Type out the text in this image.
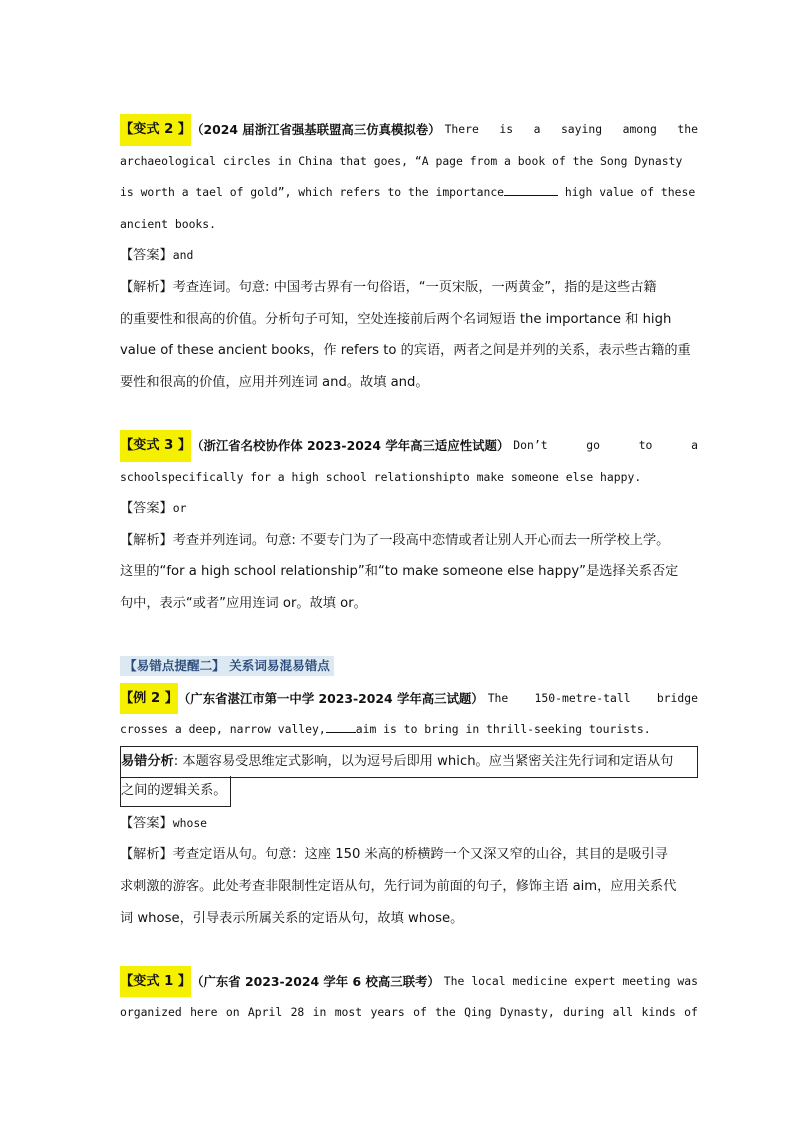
【变式 2 】 （2024 届浙江省强基联盟高三仿真模拟卷） There is a saying among the
archaeological circles in China that goes, “A page from a book of the Song Dynasty
is worth a tael of gold”, which refers to the importance	high value of these
ancient books.
【答案】and
【解析】考查连词。句意: 中国考古界有一句俗语，“一页宋版，一两黄金”，指的是这些古籍
的重要性和很高的价值。分析句子可知，空处连接前后两个名词短语 the importance 和 high
value of these ancient books，作 refers to 的宾语，两者之间是并列的关系，表示些古籍的重
要性和很高的价值，应用并列连词 and。故填 and。
【变式 3 】 （浙江省名校协作体 2023-2024 学年高三适应性试题） Don’t	go	to	a
schoolspecifically for a high school relationshipto make someone else happy.
【答案】or
【解析】考查并列连词。句意: 不要专门为了一段高中恋情或者让别人开心而去一所学校上学。
这里的“for a high school relationship”和“to make someone else happy”是选择关系否定
句中，表示“或者”应用连词 or。故填 or。
【易错点提醒二】 关系词易混易错点
【例 2 】 （广东省湛江市第一中学 2023-2024 学年高三试题） The 150-metre-tall bridge
crosses a deep, narrow valley,	aim is to bring in thrill-seeking tourists.
易错分析: 本题容易受思维定式影响，以为逗号后即用 which。应当紧密关注先行词和定语从句
之间的逻辑关系。
【答案】whose
【解析】考查定语从句。句意：这座 150 米高的桥横跨一个又深又窄的山谷，其目的是吸引寻
求刺激的游客。此处考查非限制性定语从句，先行词为前面的句子，修饰主语 aim，应用关系代
词 whose，引导表示所属关系的定语从句，故填 whose。
【变式 1 】 （广东省 2023-2024 学年 6 校高三联考） The local medicine expert meeting was
organized here on April 28 in most years of the Qing Dynasty, during all kinds of
